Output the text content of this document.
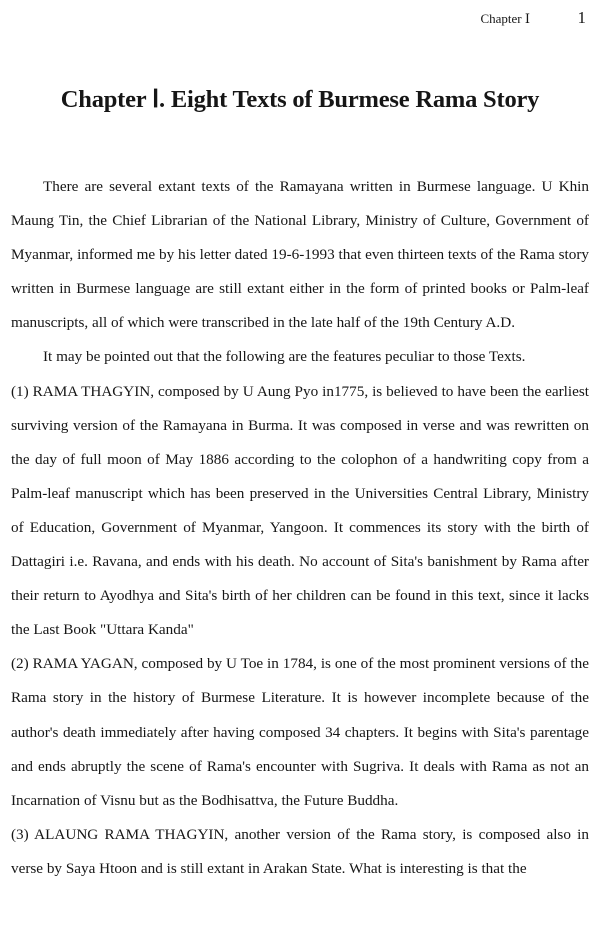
Chapter Ⅰ	1
Chapter Ⅰ. Eight Texts of Burmese Rama Story

There are several extant texts of the Ramayana written in Burmese language. U Khin Maung Tin, the Chief Librarian of the National Library, Ministry of Culture, Government of Myanmar, informed me by his letter dated 19-6-1993 that even thirteen texts of the Rama story written in Burmese language are still extant either in the form of printed books or Palm-leaf manuscripts, all of which were transcribed in the late half of the 19th Century A.D.

It may be pointed out that the following are the features peculiar to those Texts.

(1) RAMA THAGYIN, composed by U Aung Pyo in1775, is believed to have been the earliest surviving version of the Ramayana in Burma. It was composed in verse and was rewritten on the day of full moon of May 1886 according to the colophon of a handwriting copy from a Palm-leaf manuscript which has been preserved in the Universities Central Library, Ministry of Education, Government of Myanmar, Yangoon. It commences its story with the birth of Dattagiri i.e. Ravana, and ends with his death. No account of Sita's banishment by Rama after their return to Ayodhya and Sita's birth of her children can be found in this text, since it lacks the Last Book "Uttara Kanda"

(2) RAMA YAGAN, composed by U Toe in 1784, is one of the most prominent versions of the Rama story in the history of Burmese Literature. It is however incomplete because of the author's death immediately after having composed 34 chapters. It begins with Sita's parentage and ends abruptly the scene of Rama's encounter with Sugriva. It deals with Rama as not an Incarnation of Visnu but as the Bodhisattva, the Future Buddha.

(3) ALAUNG RAMA THAGYIN, another version of the Rama story, is composed also in verse by Saya Htoon and is still extant in Arakan State. What is interesting is that the
